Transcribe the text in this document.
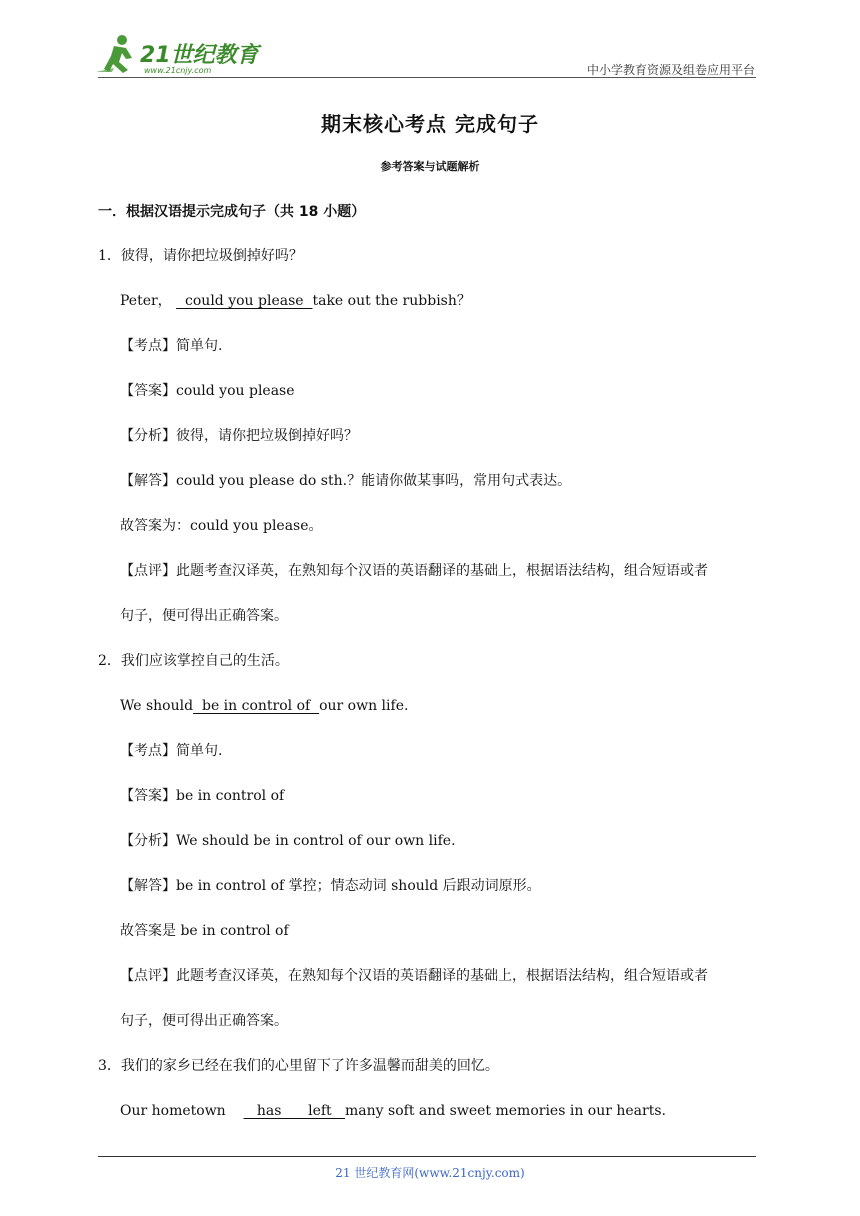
21世纪教育
www.21cnjy.com	中小学教育资源及组卷应用平台
期末核心考点 完成句子
参考答案与试题解析
一．根据汉语提示完成句子（共 18 小题）
1．彼得，请你把垃圾倒掉好吗？
Peter，   could you please  take out the rubbish？
【考点】简单句.
【答案】could you please
【分析】彼得，请你把垃圾倒掉好吗？
【解答】could you please do sth.？能请你做某事吗，常用句式表达。
故答案为：could you please。
【点评】此题考查汉译英，在熟知每个汉语的英语翻译的基础上，根据语法结构，组合短语或者
句子，便可得出正确答案。
2．我们应该掌控自己的生活。
We should  be in control of  our own life.
【考点】简单句.
【答案】be in control of
【分析】We should be in control of our own life.
【解答】be in control of 掌控；情态动词 should 后跟动词原形。
故答案是 be in control of
【点评】此题考查汉译英，在熟知每个汉语的英语翻译的基础上，根据语法结构，组合短语或者
句子，便可得出正确答案。
3．我们的家乡已经在我们的心里留下了许多温馨而甜美的回忆。
Our hometown       has      left   many soft and sweet memories in our hearts.
21 世纪教育网(www.21cnjy.com)
